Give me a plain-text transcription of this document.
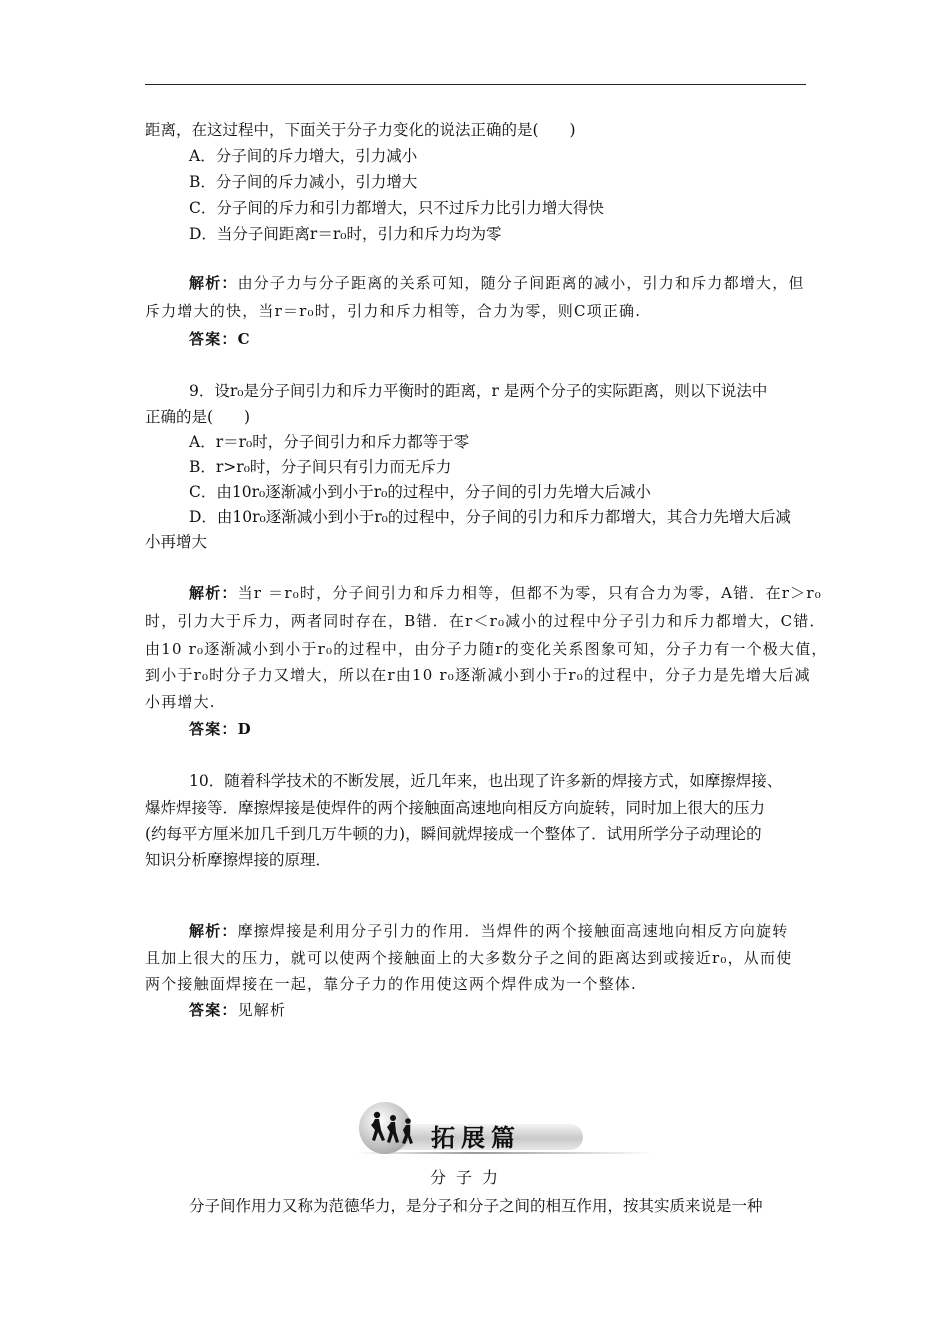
距离，在这过程中，下面关于分子力变化的说法正确的是(　　)
A．分子间的斥力增大，引力减小
B．分子间的斥力减小，引力增大
C．分子间的斥力和引力都增大，只不过斥力比引力增大得快
D．当分子间距离r＝r₀时，引力和斥力均为零
解析：由分子力与分子距离的关系可知，随分子间距离的减小，引力和斥力都增大，但
斥力增大的快，当r＝r₀时，引力和斥力相等，合力为零，则C项正确.
答案：C
9．设r₀是分子间引力和斥力平衡时的距离，r 是两个分子的实际距离，则以下说法中
正确的是(　　)
A．r＝r₀时，分子间引力和斥力都等于零
B．r>r₀时，分子间只有引力而无斥力
C．由10r₀逐渐减小到小于r₀的过程中，分子间的引力先增大后减小
D．由10r₀逐渐减小到小于r₀的过程中，分子间的引力和斥力都增大，其合力先增大后减
小再增大
解析：当r ＝r₀时，分子间引力和斥力相等，但都不为零，只有合力为零，A错．在r＞r₀
时，引力大于斥力，两者同时存在，B错．在r＜r₀减小的过程中分子引力和斥力都增大，C错．
由10 r₀逐渐减小到小于r₀的过程中，由分子力随r的变化关系图象可知，分子力有一个极大值，
到小于r₀时分子力又增大，所以在r由10 r₀逐渐减小到小于r₀的过程中，分子力是先增大后减
小再增大.
答案：D
10．随着科学技术的不断发展，近几年来，也出现了许多新的焊接方式，如摩擦焊接、
爆炸焊接等．摩擦焊接是使焊件的两个接触面高速地向相反方向旋转，同时加上很大的压力
(约每平方厘米加几千到几万牛顿的力)，瞬间就焊接成一个整体了．试用所学分子动理论的
知识分析摩擦焊接的原理．
解析：摩擦焊接是利用分子引力的作用．当焊件的两个接触面高速地向相反方向旋转
且加上很大的压力，就可以使两个接触面上的大多数分子之间的距离达到或接近r₀，从而使
两个接触面焊接在一起，靠分子力的作用使这两个焊件成为一个整体.
答案：见解析
拓展篇
分子力
分子间作用力又称为范德华力，是分子和分子之间的相互作用，按其实质来说是一种
